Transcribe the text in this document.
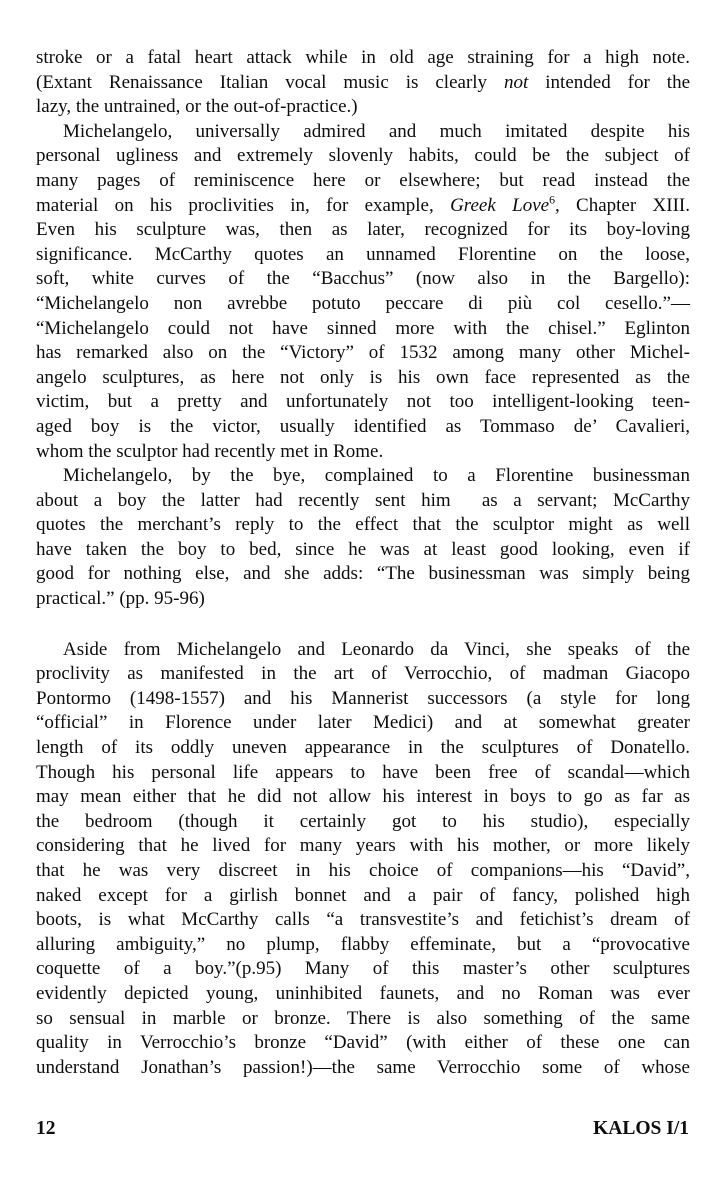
stroke or a fatal heart attack while in old age straining for a high note.
(Extant Renaissance Italian vocal music is clearly not intended for the
lazy, the untrained, or the out-of-practice.)
Michelangelo, universally admired and much imitated despite his
personal ugliness and extremely slovenly habits, could be the subject of
many pages of reminiscence here or elsewhere; but read instead the
material on his proclivities in, for example, Greek Love$^6$, Chapter XIII.
Even his sculpture was, then as later, recognized for its boy-loving
significance. McCarthy quotes an unnamed Florentine on the loose,
soft, white curves of the “Bacchus” (now also in the Bargello):
“Michelangelo non avrebbe potuto peccare di più col cesello.”—
“Michelangelo could not have sinned more with the chisel.” Eglinton
has remarked also on the “Victory” of 1532 among many other Michel-
angelo sculptures, as here not only is his own face represented as the
victim, but a pretty and unfortunately not too intelligent-looking teen-
aged boy is the victor, usually identified as Tommaso de’ Cavalieri,
whom the sculptor had recently met in Rome.
Michelangelo, by the bye, complained to a Florentine businessman
about a boy the latter had recently sent him  as a servant; McCarthy
quotes the merchant’s reply to the effect that the sculptor might as well
have taken the boy to bed, since he was at least good looking, even if
good for nothing else, and she adds: “The businessman was simply being
practical.” (pp. 95-96)
Aside from Michelangelo and Leonardo da Vinci, she speaks of the
proclivity as manifested in the art of Verrocchio, of madman Giacopo
Pontormo (1498-1557) and his Mannerist successors (a style for long
“official” in Florence under later Medici) and at somewhat greater
length of its oddly uneven appearance in the sculptures of Donatello.
Though his personal life appears to have been free of scandal—which
may mean either that he did not allow his interest in boys to go as far as
the bedroom (though it certainly got to his studio), especially
considering that he lived for many years with his mother, or more likely
that he was very discreet in his choice of companions—his “David”,
naked except for a girlish bonnet and a pair of fancy, polished high
boots, is what McCarthy calls “a transvestite’s and fetichist’s dream of
alluring ambiguity,” no plump, flabby effeminate, but a “provocative
coquette of a boy.”(p.95) Many of this master’s other sculptures
evidently depicted young, uninhibited faunets, and no Roman was ever
so sensual in marble or bronze. There is also something of the same
quality in Verrocchio’s bronze “David” (with either of these one can
understand Jonathan’s passion!)—the same Verrocchio some of whose
12	KALOS I/1
